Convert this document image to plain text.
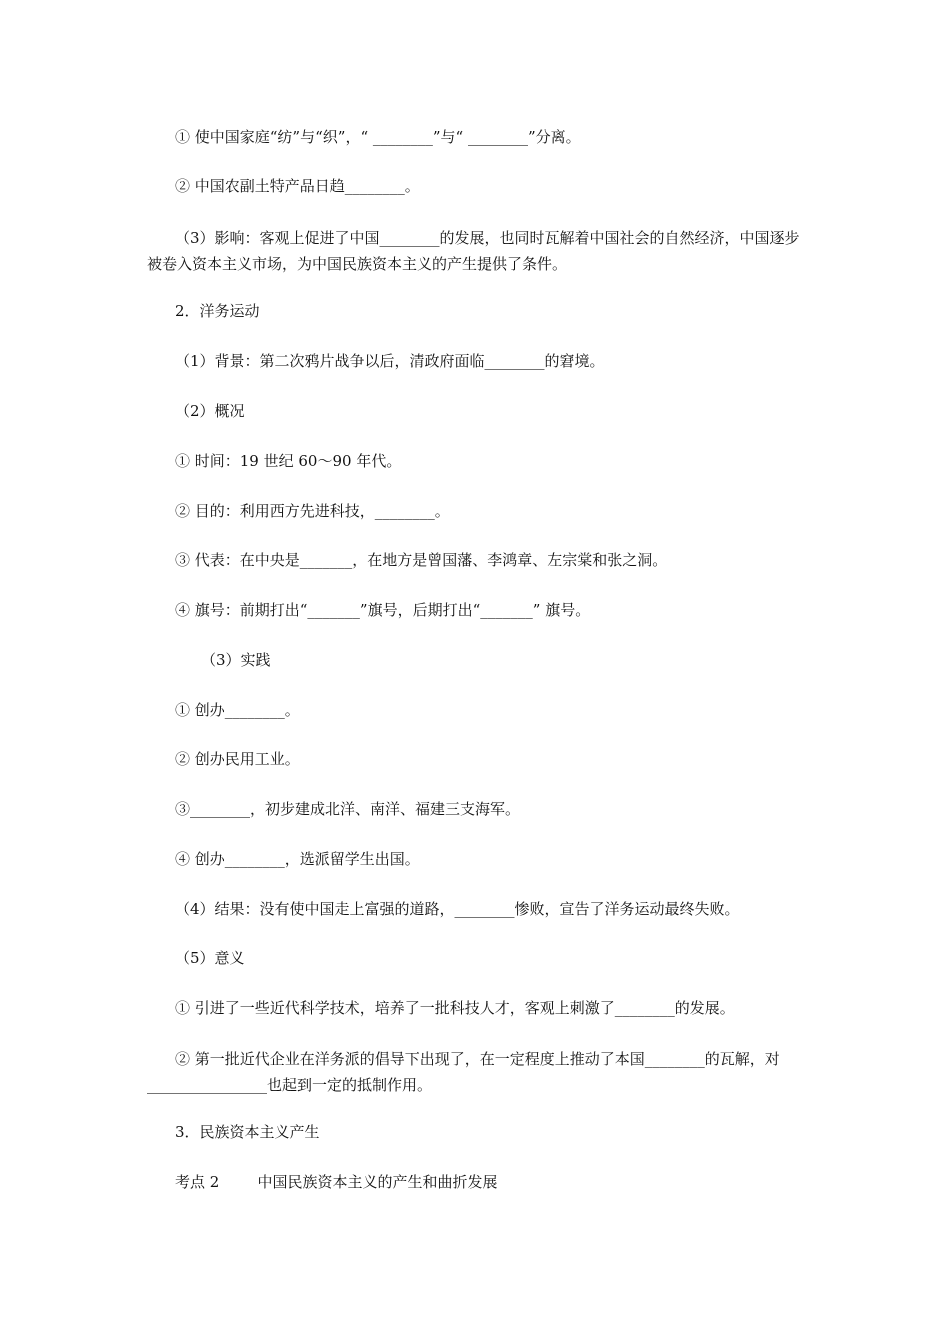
① 使中国家庭“纺”与“织”，“ ________”与“ ________”分离。
② 中国农副土特产品日趋________。
（3）影响：客观上促进了中国________的发展，也同时瓦解着中国社会的自然经济，中国逐步被卷入资本主义市场，为中国民族资本主义的产生提供了条件。
2．洋务运动
（1）背景：第二次鸦片战争以后，清政府面临________的窘境。
（2）概况
① 时间：19 世纪 60～90 年代。
② 目的：利用西方先进科技，________。
③ 代表：在中央是_______，在地方是曾国藩、李鸿章、左宗棠和张之洞。
④ 旗号：前期打出“_______”旗号，后期打出“_______” 旗号。
（3）实践
① 创办________。
② 创办民用工业。
③________，初步建成北洋、南洋、福建三支海军。
④ 创办________，选派留学生出国。
（4）结果：没有使中国走上富强的道路，________惨败，宣告了洋务运动最终失败。
（5）意义
① 引进了一些近代科学技术，培养了一批科技人才，客观上刺激了________的发展。
② 第一批近代企业在洋务派的倡导下出现了，在一定程度上推动了本国________的瓦解，对________________也起到一定的抵制作用。
3．民族资本主义产生
考点 2        中国民族资本主义的产生和曲折发展
